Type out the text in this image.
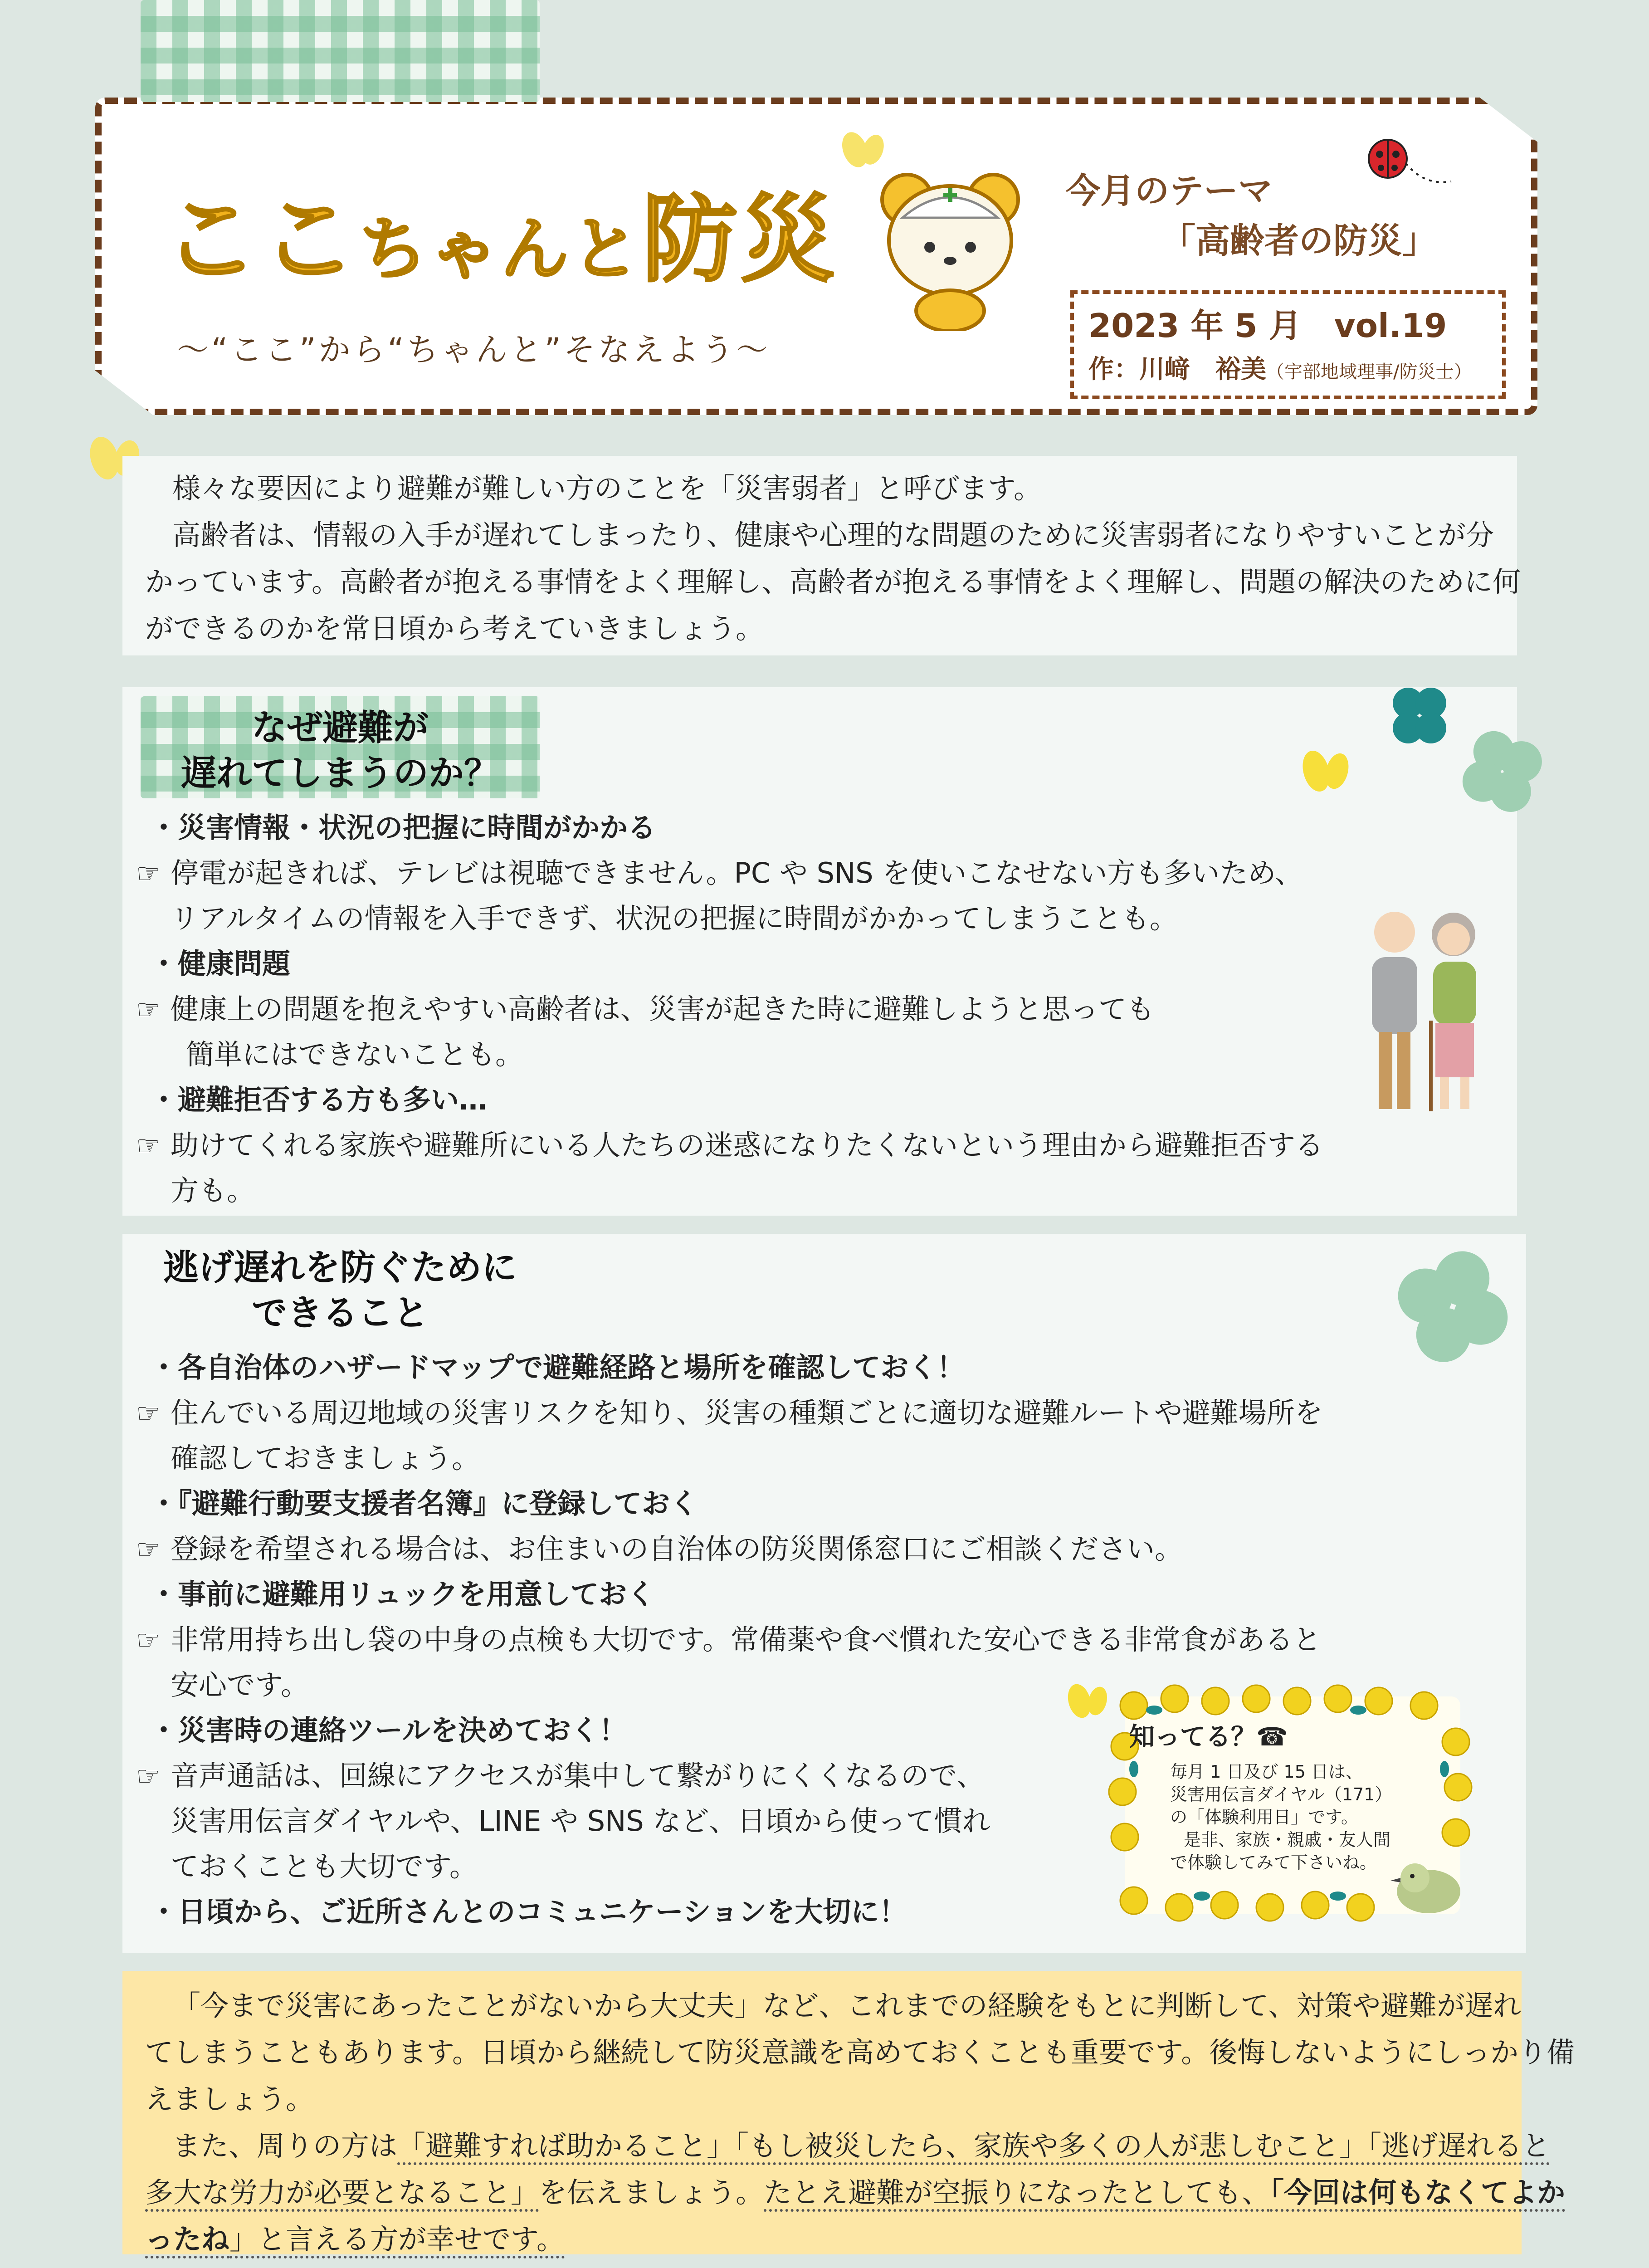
ここちゃんと防災
～“ここ”から“ちゃんと”そなえよう～
今月のテーマ
「高齢者の防災」
2023 年 5 月　vol.19
作：川﨑　裕美（宇部地域理事/防災士）
様々な要因により避難が難しい方のことを「災害弱者」と呼びます。
高齢者は、情報の入手が遅れてしまったり、健康や心理的な問題のために災害弱者になりやすいことが分
かっています。高齢者が抱える事情をよく理解し、高齢者が抱える事情をよく理解し、問題の解決のために何
ができるのかを常日頃から考えていきましょう。
なぜ避難が
遅れてしまうのか？
・災害情報・状況の把握に時間がかかる
☞ 停電が起きれば、テレビは視聴できません。PC や SNS を使いこなせない方も多いため、
リアルタイムの情報を入手できず、状況の把握に時間がかかってしまうことも。
・健康問題
☞ 健康上の問題を抱えやすい高齢者は、災害が起きた時に避難しようと思っても
簡単にはできないことも。
・避難拒否する方も多い…
☞ 助けてくれる家族や避難所にいる人たちの迷惑になりたくないという理由から避難拒否する
方も。
逃げ遅れを防ぐために
できること
・各自治体のハザードマップで避難経路と場所を確認しておく！
☞ 住んでいる周辺地域の災害リスクを知り、災害の種類ごとに適切な避難ルートや避難場所を
確認しておきましょう。
・『避難行動要支援者名簿』に登録しておく
☞ 登録を希望される場合は、お住まいの自治体の防災関係窓口にご相談ください。
・事前に避難用リュックを用意しておく
☞ 非常用持ち出し袋の中身の点検も大切です。常備薬や食べ慣れた安心できる非常食があると
安心です。
・災害時の連絡ツールを決めておく！
☞ 音声通話は、回線にアクセスが集中して繋がりにくくなるので、
災害用伝言ダイヤルや、LINE や SNS など、日頃から使って慣れ
ておくことも大切です。
・日頃から、ご近所さんとのコミュニケーションを大切に！
知ってる？☎
毎月 1 日及び 15 日は、
災害用伝言ダイヤル（171）
の「体験利用日」です。
是非、家族・親戚・友人間
で体験してみて下さいね。
「今まで災害にあったことがないから大丈夫」など、これまでの経験をもとに判断して、対策や避難が遅れ
てしまうこともあります。日頃から継続して防災意識を高めておくことも重要です。後悔しないようにしっかり備
えましょう。
また、周りの方は「避難すれば助かること」「もし被災したら、家族や多くの人が悲しむこと」「逃げ遅れると
多大な労力が必要となること」を伝えましょう。たとえ避難が空振りになったとしても、「今回は何もなくてよか
ったね」と言える方が幸せです。
